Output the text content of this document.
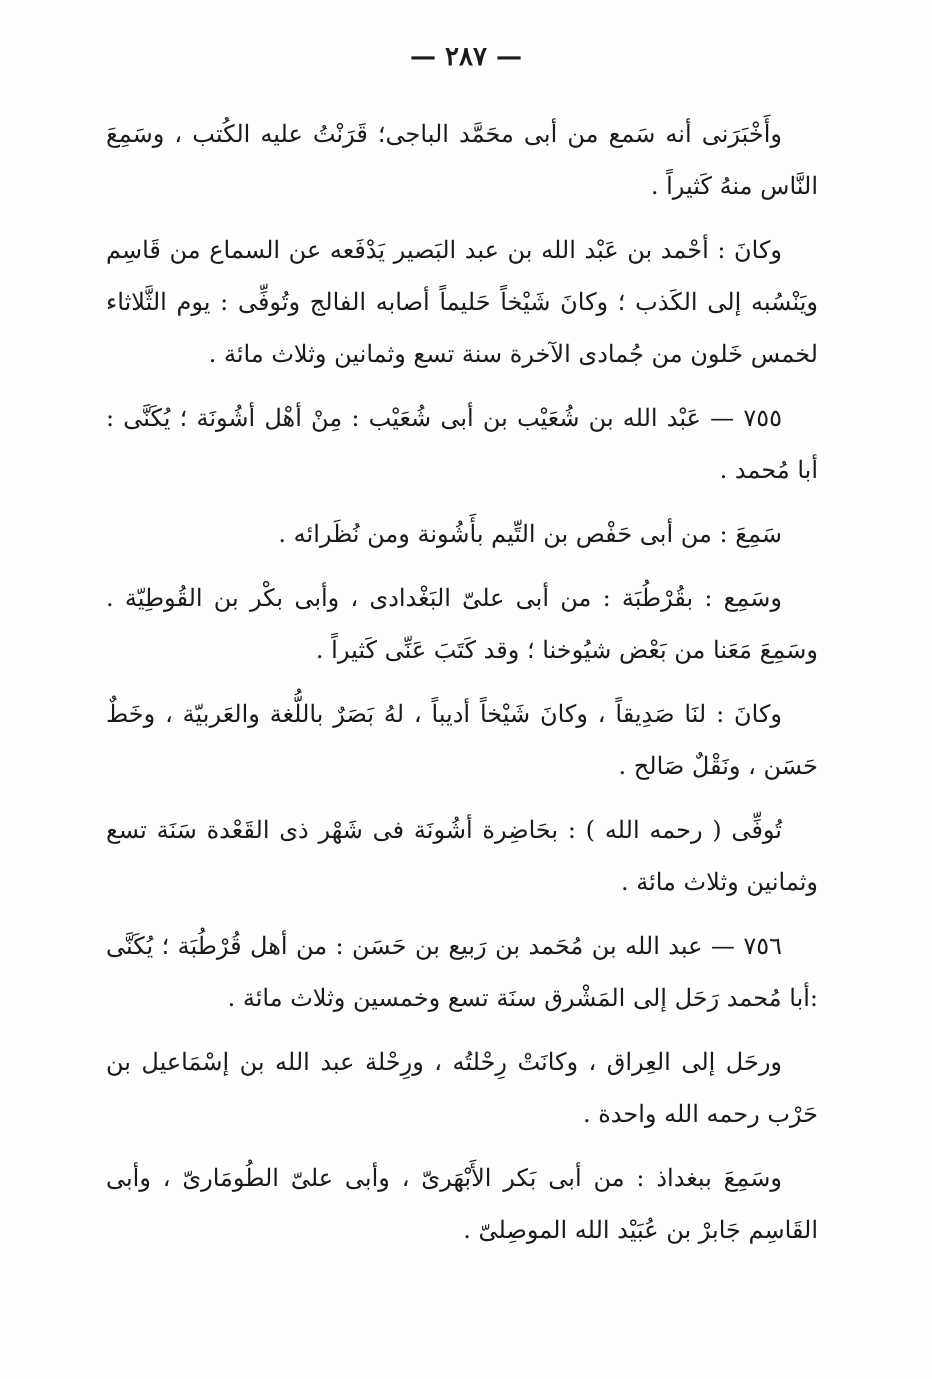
— ٢٨٧ —

وأَخْبَرَنى أنه سَمع من أبى محَمَّد الباجى؛ قَرَنْتُ عليه الكُتب ، وسَمِعَ النَّاس منهُ كَثيراً .

وكانَ : أحْمد بن عَبْد الله بن عبد البَصير يَدْفَعه عن السماع من قَاسِم ويَنْسُبه إلى الكَذب ؛ وكانَ شَيْخاً حَليماً أصابه الفالج وتُوفِّى : يوم الثَّلاثاء لخمس خَلون من جُمادى الآخرة سنة تسع وثمانين وثلاث مائة .

٧٥٥ — عَبْد الله بن شُعَيْب بن أبى شُعَيْب : مِنْ أهْل أشُونَة ؛ يُكَنَّى : أبا مُحمد .

سَمِعَ : من أبى حَفْص بن التِّيم بأَشُونة ومن نُظَرائه .

وسَمِع : بقُرْطُبَة : من أبى علىّ البَغْدادى ، وأبى بكْر بن القُوطِيّة . وسَمِعَ مَعَنا من بَعْض شيُوخنا ؛ وقد كَتَبَ عَنِّى كَثيراً .

وكانَ : لنَا صَدِيقاً ، وكانَ شَيْخاً أديباً ، لهُ بَصَرٌ باللُّغة والعَربيّة ، وخَطٌ حَسَن ، ونَقْلٌ صَالح .

تُوفِّى ( رحمه الله ) : بحَاضِرة أشُونَة فى شَهْر ذى القَعْدة سَنَة تسع وثمانين وثلاث مائة .

٧٥٦ — عبد الله بن مُحَمد بن رَبيع بن حَسَن : من أهل قُرْطُبَة ؛ يُكَنَّى :أبا مُحمد رَحَل إلى المَشْرق سنَة تسع وخمسين وثلاث مائة .

ورحَل إلى العِراق ، وكانَتْ رِحْلتُه ، ورِحْلة عبد الله بن إسْمَاعيل بن حَرْب رحمه الله واحدة .

وسَمِعَ ببغداذ : من أبى بَكر الأَبْهَرىّ ، وأبى علىّ الطُومَارىّ ، وأبى القَاسِم جَابرْ بن عُبَيْد الله الموصِلىّ .
